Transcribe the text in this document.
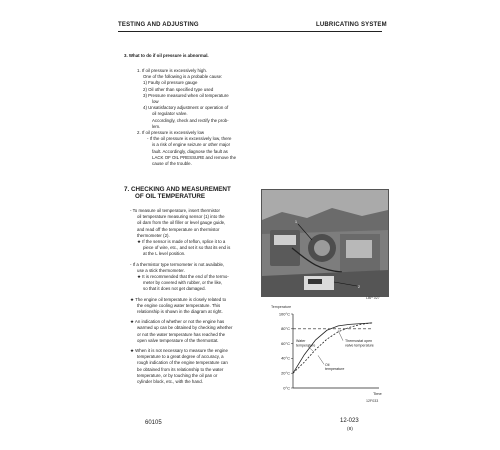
TESTING AND ADJUSTING	LUBRICATING SYSTEM
3. What to do if oil pressure is abnormal.
1. If oil pressure is excessively high.
One of the following is a probable cause:
1) Faulty oil pressure gauge
2) Oil other than specified type used
3) Pressure measured when oil temperature
low
4) Unsatisfactory adjustment or operation of
oil regulator valve.
Accordingly, check and rectify the prob-
lem.
2. If oil pressure is excessively low
- If the oil pressure is excessively low, there
is a risk of engine seizure or other major
fault. Accordingly, diagnose the fault as
LACK OF OIL PRESSURE and remove the
cause of the trouble.
7. CHECKING AND MEASUREMENT
OF OIL TEMPERATURE
- To measure oil temperature, insert thermistor
oil temperature measuring sensor (1) into the
oil dam from the oil filler or level gauge guide,
and read off the temperature on thermistor
thermometer (2).
★ If the sensor is made of teflon, splice it to a
piece of wire, etc., and set it so that its end is
at the L level position.
- If a thermistor type termometer is not available,
use a stick thermometer.
★ It is recommended that the end of the termo-
meter by covered with rubber, or the like,
so that it does not get damaged.
★ The engine oil temperature is closely related to
the engine cooling water temperature. This
relationship is shown in the diagram at right.
★ An indication of whether or not the engine has
warmed up can be obtained by checking whether
or not the water temperature has reached the
open valve temperature of the thermostat.
★ When it is not necessary to measure the engine
temperature to a great degree of accuracy, a
rough indication of the engine temperature can
be obtained from its relationship to the water
temperature, or by touching the oil pan or
cylinder block, etc., with the hand.
1
2
LBP 027
Temperature
100°C
80°C
60°C
40°C
20°C
0°C
Time
Water temperature
Thermostat open valve temperature
Oil temperature
12F033
60105	12-023
(8)
